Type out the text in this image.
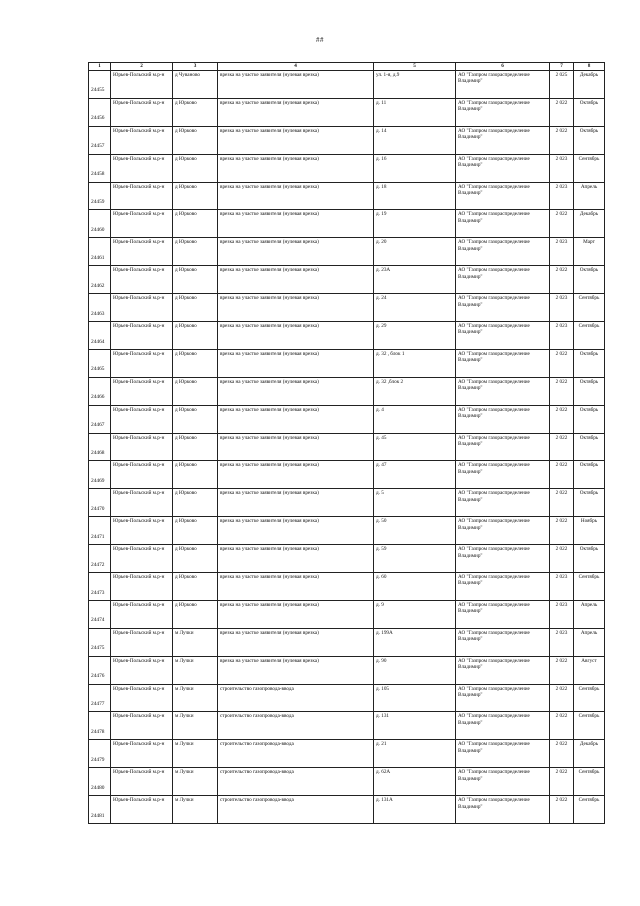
##
1	2	3	4	5	6	7	8
24455	Юрьев-Польский м.р-н	д Чуваново	врезка на участке заявителя (нулевая врезка)	ул. 1-я, д.9	АО "Газпром газораспределение Владимир"	2 025	Декабрь
24456	Юрьев-Польский м.р-н	д Юрково	врезка на участке заявителя (нулевая врезка)	д. 11	АО "Газпром газораспределение Владимир"	2 022	Октябрь
24457	Юрьев-Польский м.р-н	д Юрково	врезка на участке заявителя (нулевая врезка)	д. 14	АО "Газпром газораспределение Владимир"	2 022	Октябрь
24458	Юрьев-Польский м.р-н	д Юрково	врезка на участке заявителя (нулевая врезка)	д. 16	АО "Газпром газораспределение Владимир"	2 023	Сентябрь
24459	Юрьев-Польский м.р-н	д Юрково	врезка на участке заявителя (нулевая врезка)	д. 18	АО "Газпром газораспределение Владимир"	2 023	Апрель
24460	Юрьев-Польский м.р-н	д Юрково	врезка на участке заявителя (нулевая врезка)	д. 19	АО "Газпром газораспределение Владимир"	2 022	Декабрь
24461	Юрьев-Польский м.р-н	д Юрково	врезка на участке заявителя (нулевая врезка)	д. 20	АО "Газпром газораспределение Владимир"	2 023	Март
24462	Юрьев-Польский м.р-н	д Юрково	врезка на участке заявителя (нулевая врезка)	д. 23А	АО "Газпром газораспределение Владимир"	2 022	Октябрь
24463	Юрьев-Польский м.р-н	д Юрково	врезка на участке заявителя (нулевая врезка)	д. 24	АО "Газпром газораспределение Владимир"	2 023	Сентябрь
24464	Юрьев-Польский м.р-н	д Юрково	врезка на участке заявителя (нулевая врезка)	д. 29	АО "Газпром газораспределение Владимир"	2 023	Сентябрь
24465	Юрьев-Польский м.р-н	д Юрково	врезка на участке заявителя (нулевая врезка)	д. 32 , блок 1	АО "Газпром газораспределение Владимир"	2 022	Октябрь
24466	Юрьев-Польский м.р-н	д Юрково	врезка на участке заявителя (нулевая врезка)	д. 32 ,блок 2	АО "Газпром газораспределение Владимир"	2 022	Октябрь
24467	Юрьев-Польский м.р-н	д Юрково	врезка на участке заявителя (нулевая врезка)	д. 4	АО "Газпром газораспределение Владимир"	2 022	Октябрь
24468	Юрьев-Польский м.р-н	д Юрково	врезка на участке заявителя (нулевая врезка)	д. 45	АО "Газпром газораспределение Владимир"	2 022	Октябрь
24469	Юрьев-Польский м.р-н	д Юрково	врезка на участке заявителя (нулевая врезка)	д. 47	АО "Газпром газораспределение Владимир"	2 022	Октябрь
24470	Юрьев-Польский м.р-н	д Юрково	врезка на участке заявителя (нулевая врезка)	д. 5	АО "Газпром газораспределение Владимир"	2 022	Октябрь
24471	Юрьев-Польский м.р-н	д Юрково	врезка на участке заявителя (нулевая врезка)	д. 50	АО "Газпром газораспределение Владимир"	2 022	Ноябрь
24472	Юрьев-Польский м.р-н	д Юрково	врезка на участке заявителя (нулевая врезка)	д. 59	АО "Газпром газораспределение Владимир"	2 022	Октябрь
24473	Юрьев-Польский м.р-н	д Юрково	врезка на участке заявителя (нулевая врезка)	д. 60	АО "Газпром газораспределение Владимир"	2 023	Сентябрь
24474	Юрьев-Польский м.р-н	д Юрково	врезка на участке заявителя (нулевая врезка)	д. 9	АО "Газпром газораспределение Владимир"	2 023	Апрель
24475	Юрьев-Польский м.р-н	м Лучки	врезка на участке заявителя (нулевая врезка)	д. 199А	АО "Газпром газораспределение Владимир"	2 023	Апрель
24476	Юрьев-Польский м.р-н	м Лучки	врезка на участке заявителя (нулевая врезка)	д. 90	АО "Газпром газораспределение Владимир"	2 022	Август
24477	Юрьев-Польский м.р-н	м Лучки	строительство газопровода-ввода	д. 105	АО "Газпром газораспределение Владимир"	2 022	Сентябрь
24478	Юрьев-Польский м.р-н	м Лучки	строительство газопровода-ввода	д. 131	АО "Газпром газораспределение Владимир"	2 022	Сентябрь
24479	Юрьев-Польский м.р-н	м Лучки	строительство газопровода-ввода	д. 21	АО "Газпром газораспределение Владимир"	2 022	Декабрь
24480	Юрьев-Польский м.р-н	м Лучки	строительство газопровода-ввода	д. 62А	АО "Газпром газораспределение Владимир"	2 022	Сентябрь
24481	Юрьев-Польский м.р-н	м Лучки	строительство газопровода-ввода	д. 131А	АО "Газпром газораспределение Владимир"	2 022	Сентябрь
